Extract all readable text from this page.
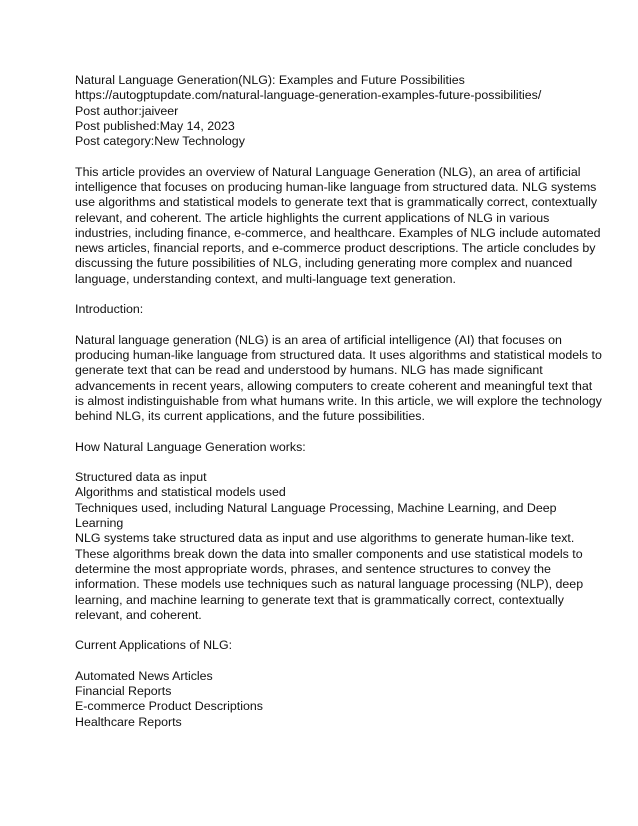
Natural Language Generation(NLG): Examples and Future Possibilities
https://autogptupdate.com/natural-language-generation-examples-future-possibilities/
Post author:jaiveer
Post published:May 14, 2023
Post category:New Technology
This article provides an overview of Natural Language Generation (NLG), an area of artificial
intelligence that focuses on producing human-like language from structured data. NLG systems
use algorithms and statistical models to generate text that is grammatically correct, contextually
relevant, and coherent. The article highlights the current applications of NLG in various
industries, including finance, e-commerce, and healthcare. Examples of NLG include automated
news articles, financial reports, and e-commerce product descriptions. The article concludes by
discussing the future possibilities of NLG, including generating more complex and nuanced
language, understanding context, and multi-language text generation.
Introduction:
Natural language generation (NLG) is an area of artificial intelligence (AI) that focuses on
producing human-like language from structured data. It uses algorithms and statistical models to
generate text that can be read and understood by humans. NLG has made significant
advancements in recent years, allowing computers to create coherent and meaningful text that
is almost indistinguishable from what humans write. In this article, we will explore the technology
behind NLG, its current applications, and the future possibilities.
How Natural Language Generation works:
Structured data as input
Algorithms and statistical models used
Techniques used, including Natural Language Processing, Machine Learning, and Deep
Learning
NLG systems take structured data as input and use algorithms to generate human-like text.
These algorithms break down the data into smaller components and use statistical models to
determine the most appropriate words, phrases, and sentence structures to convey the
information. These models use techniques such as natural language processing (NLP), deep
learning, and machine learning to generate text that is grammatically correct, contextually
relevant, and coherent.
Current Applications of NLG:
Automated News Articles
Financial Reports
E-commerce Product Descriptions
Healthcare Reports
